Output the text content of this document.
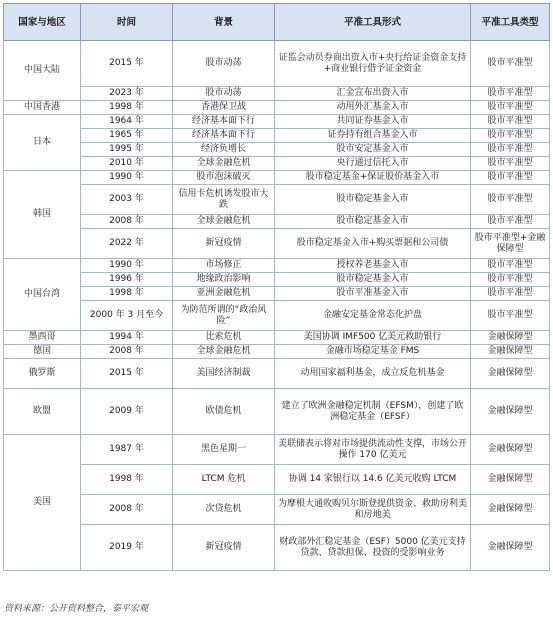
国家与地区	时间	背景	平准工具形式	平准工具类型
中国大陆	2015 年	股市动荡	证监会动员券商出资入市+央行给证金资金支持+商业银行借予证金资金	股市平准型
	2023 年	股市动荡	汇金宣布出资入市	股市平准型
中国香港	1998 年	香港保卫战	动用外汇基金入市	股市平准型
日本	1964 年	经济基本面下行	共同证券基金入市	股市平准型
	1965 年	经济基本面下行	证券持有组合基金入市	股市平准型
	1995 年	经济负增长	股市安定基金入市	股市平准型
	2010 年	全球金融危机	央行通过信托入市	股市平准型
韩国	1990 年	股市泡沫破灭	股市稳定基金+保证股价基金入市	股市平准型
	2003 年	信用卡危机诱发股市大跌	股市稳定基金入市	股市平准型
	2008 年	全球金融危机	股市稳定基金入市	股市平准型
	2022 年	新冠疫情	股市稳定基金入市+购买票据和公司债	股市平准型+金融保障型
中国台湾	1990 年	市场修正	授权养老基金入市	股市平准型
	1996 年	地缘政治影响	股市稳定基金入市	股市平准型
	1998 年	亚洲金融危机	股市平准基金入市	股市平准型
	2000 年 3 月至今	为防范所谓的“政治风险”	金融安定基金常态化护盘	股市平准型
墨西哥	1994 年	比索危机	美国协调 IMF500 亿美元救助银行	金融保障型
德国	2008 年	全球金融危机	金融市场稳定基金 FMS	金融保障型
俄罗斯	2015 年	美国经济制裁	动用国家福利基金，成立反危机基金	金融保障型
欧盟	2009 年	欧债危机	建立了欧洲金融稳定机制（EFSM），创建了欧洲稳定基金（EFSF）	金融保障型
美国	1987 年	黑色星期一	美联储表示将对市场提供流动性支撑，市场公开操作 170 亿美元	金融保障型
	1998 年	LTCM 危机	协调 14 家银行以 14.6 亿美元收购 LTCM	金融保障型
	2008 年	次贷危机	为摩根大通收购贝尔斯登提供资金、救助房利美和房地美	金融保障型
	2019 年	新冠疫情	财政部外汇稳定基金（ESF）5000 亿美元支持贷款、贷款担保、投资的受影响业务	金融保障型
资料来源：公开资料整合，泰平宏观
